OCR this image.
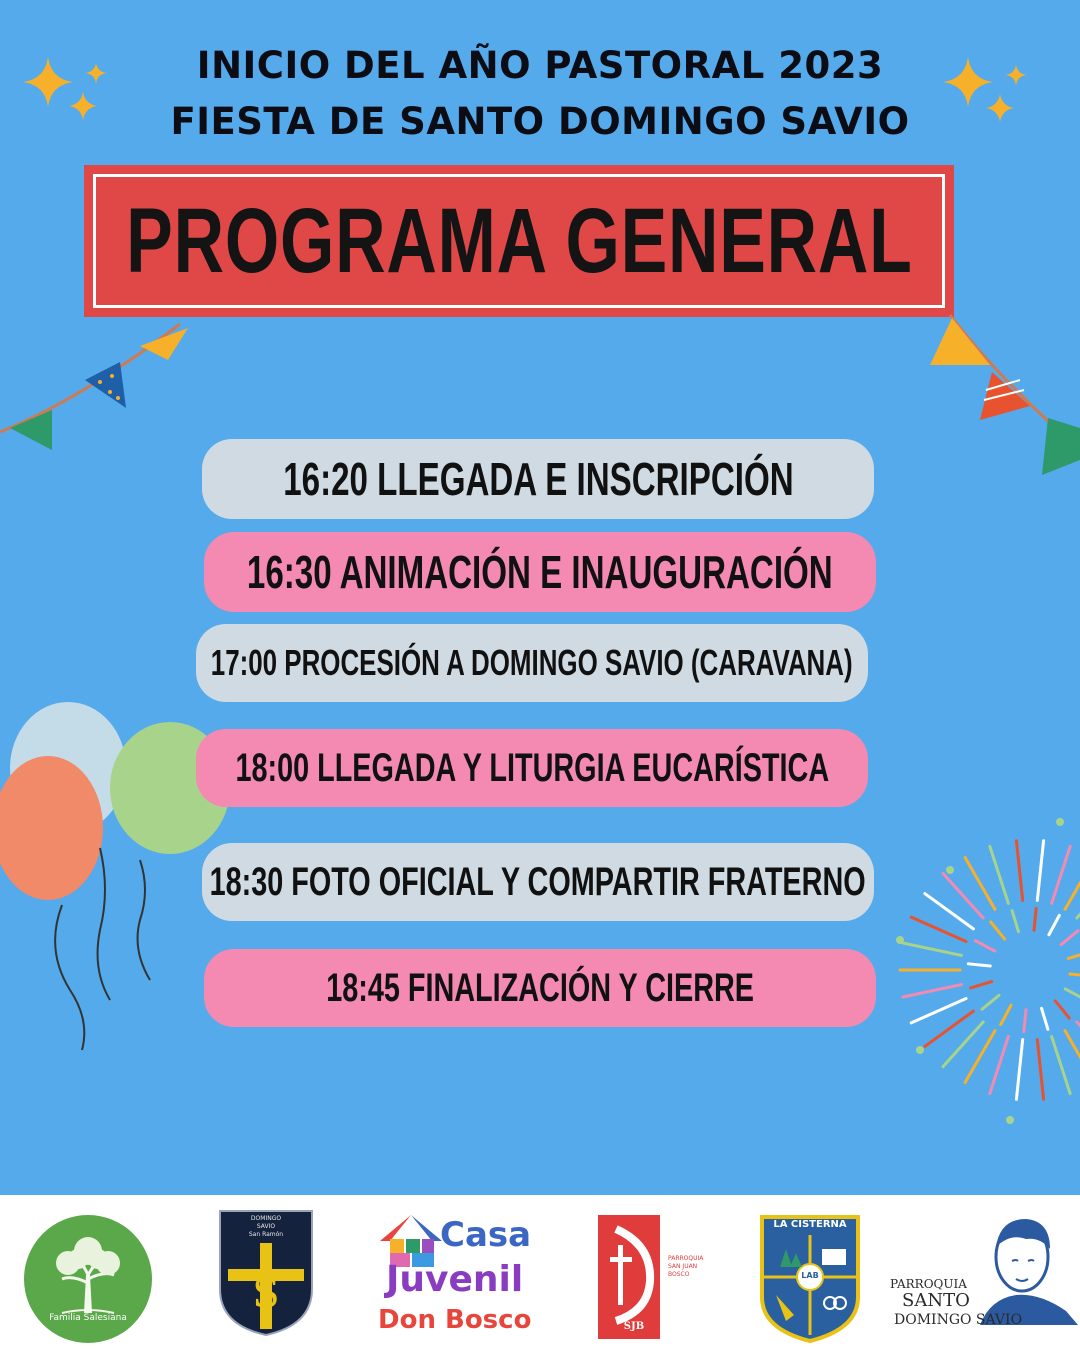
INICIO DEL AÑO PASTORAL 2023
FIESTA DE SANTO DOMINGO SAVIO
PROGRAMA GENERAL
16:20 LLEGADA E INSCRIPCIÓN
16:30 ANIMACIÓN E INAUGURACIÓN
17:00 PROCESIÓN A DOMINGO SAVIO (CARAVANA)
18:00 LLEGADA Y LITURGIA EUCARÍSTICA
18:30 FOTO OFICIAL Y COMPARTIR FRATERNO
18:45 FINALIZACIÓN Y CIERRE
Familia Salesiana
DOMINGO
SAVIO
San Ramón
S
Casa
Juvenil
Don Bosco	SJB
PARROQUIA
SAN JUAN
BOSCO
LA CISTERNA
LAB
PARROQUIA
SANTO
DOMINGO SAVIO
